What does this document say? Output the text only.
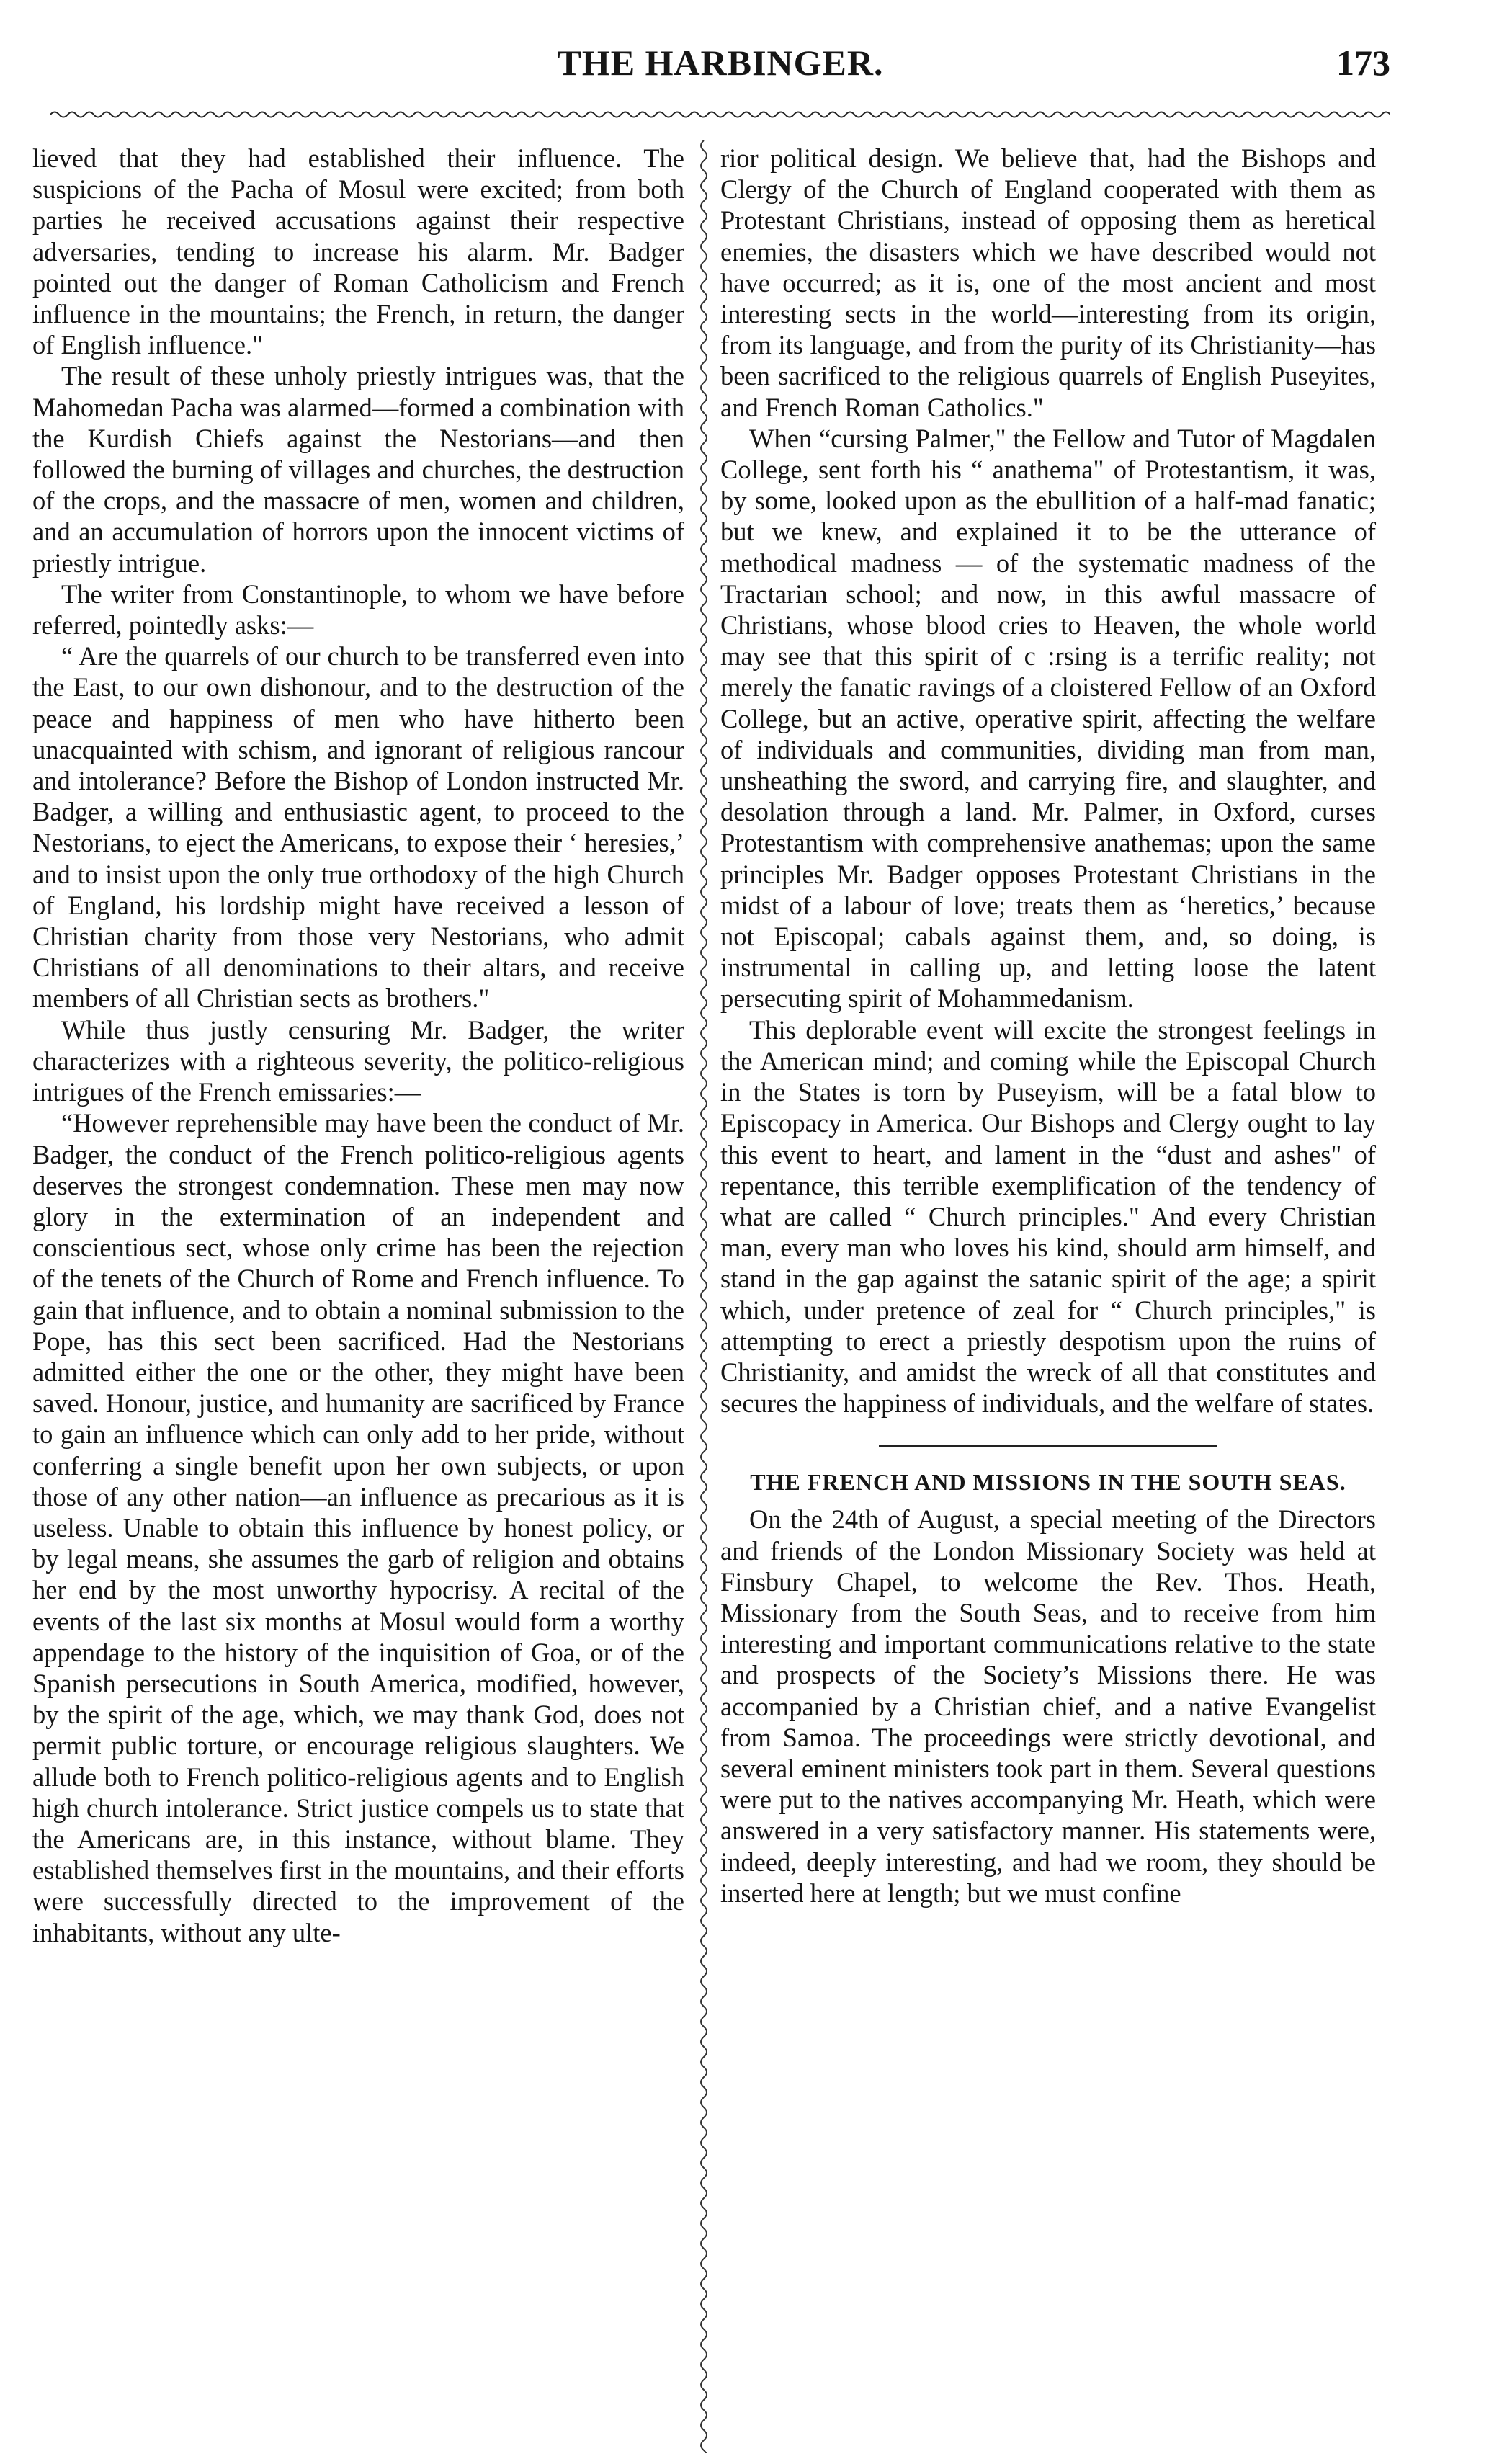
THE HARBINGER.	173

lieved that they had established their influence. The suspicions of the Pacha of Mosul were excited; from both parties he received accusations against their respective adversaries, tending to increase his alarm. Mr. Badger pointed out the danger of Roman Catholicism and French influence in the mountains; the French, in return, the danger of English influence."

The result of these unholy priestly intrigues was, that the Mahomedan Pacha was alarmed—formed a combination with the Kurdish Chiefs against the Nestorians—and then followed the burning of villages and churches, the destruction of the crops, and the massacre of men, women and children, and an accumulation of horrors upon the innocent victims of priestly intrigue.

The writer from Constantinople, to whom we have before referred, pointedly asks:—

“ Are the quarrels of our church to be transferred even into the East, to our own dishonour, and to the destruction of the peace and happiness of men who have hitherto been unacquainted with schism, and ignorant of religious rancour and intolerance? Before the Bishop of London instructed Mr. Badger, a willing and enthusiastic agent, to proceed to the Nestorians, to eject the Americans, to expose their ‘ heresies,’ and to insist upon the only true orthodoxy of the high Church of England, his lordship might have received a lesson of Christian charity from those very Nestorians, who admit Christians of all denominations to their altars, and receive members of all Christian sects as brothers."

While thus justly censuring Mr. Badger, the writer characterizes with a righteous severity, the politico-religious intrigues of the French emissaries:—

“However reprehensible may have been the conduct of Mr. Badger, the conduct of the French politico-religious agents deserves the strongest condemnation. These men may now glory in the extermination of an independent and conscientious sect, whose only crime has been the rejection of the tenets of the Church of Rome and French influence. To gain that influence, and to obtain a nominal submission to the Pope, has this sect been sacrificed. Had the Nestorians admitted either the one or the other, they might have been saved. Honour, justice, and humanity are sacrificed by France to gain an influence which can only add to her pride, without conferring a single benefit upon her own subjects, or upon those of any other nation—an influence as precarious as it is useless. Unable to obtain this influence by honest policy, or by legal means, she assumes the garb of religion and obtains her end by the most unworthy hypocrisy. A recital of the events of the last six months at Mosul would form a worthy appendage to the history of the inquisition of Goa, or of the Spanish persecutions in South America, modified, however, by the spirit of the age, which, we may thank God, does not permit public torture, or encourage religious slaughters. We allude both to French politico-religious agents and to English high church intolerance. Strict justice compels us to state that the Americans are, in this instance, without blame. They established themselves first in the mountains, and their efforts were successfully directed to the improvement of the inhabitants, without any ulte-

rior political design. We believe that, had the Bishops and Clergy of the Church of England cooperated with them as Protestant Christians, instead of opposing them as heretical enemies, the disasters which we have described would not have occurred; as it is, one of the most ancient and most interesting sects in the world—interesting from its origin, from its language, and from the purity of its Christianity—has been sacrificed to the religious quarrels of English Puseyites, and French Roman Catholics."

When “cursing Palmer," the Fellow and Tutor of Magdalen College, sent forth his “ anathema" of Protestantism, it was, by some, looked upon as the ebullition of a half-mad fanatic; but we knew, and explained it to be the utterance of methodical madness — of the systematic madness of the Tractarian school; and now, in this awful massacre of Christians, whose blood cries to Heaven, the whole world may see that this spirit of c :rsing is a terrific reality; not merely the fanatic ravings of a cloistered Fellow of an Oxford College, but an active, operative spirit, affecting the welfare of individuals and communities, dividing man from man, unsheathing the sword, and carrying fire, and slaughter, and desolation through a land. Mr. Palmer, in Oxford, curses Protestantism with comprehensive anathemas; upon the same principles Mr. Badger opposes Protestant Christians in the midst of a labour of love; treats them as ‘heretics,’ because not Episcopal; cabals against them, and, so doing, is instrumental in calling up, and letting loose the latent persecuting spirit of Mohammedanism.

This deplorable event will excite the strongest feelings in the American mind; and coming while the Episcopal Church in the States is torn by Puseyism, will be a fatal blow to Episcopacy in America. Our Bishops and Clergy ought to lay this event to heart, and lament in the “dust and ashes" of repentance, this terrible exemplification of the tendency of what are called “ Church principles." And every Christian man, every man who loves his kind, should arm himself, and stand in the gap against the satanic spirit of the age; a spirit which, under pretence of zeal for “ Church principles," is attempting to erect a priestly despotism upon the ruins of Christianity, and amidst the wreck of all that constitutes and secures the happiness of individuals, and the welfare of states.

THE FRENCH AND MISSIONS IN THE SOUTH SEAS.

On the 24th of August, a special meeting of the Directors and friends of the London Missionary Society was held at Finsbury Chapel, to welcome the Rev. Thos. Heath, Missionary from the South Seas, and to receive from him interesting and important communications relative to the state and prospects of the Society’s Missions there. He was accompanied by a Christian chief, and a native Evangelist from Samoa. The proceedings were strictly devotional, and several eminent ministers took part in them. Several questions were put to the natives accompanying Mr. Heath, which were answered in a very satisfactory manner. His statements were, indeed, deeply interesting, and had we room, they should be inserted here at length; but we must confine
